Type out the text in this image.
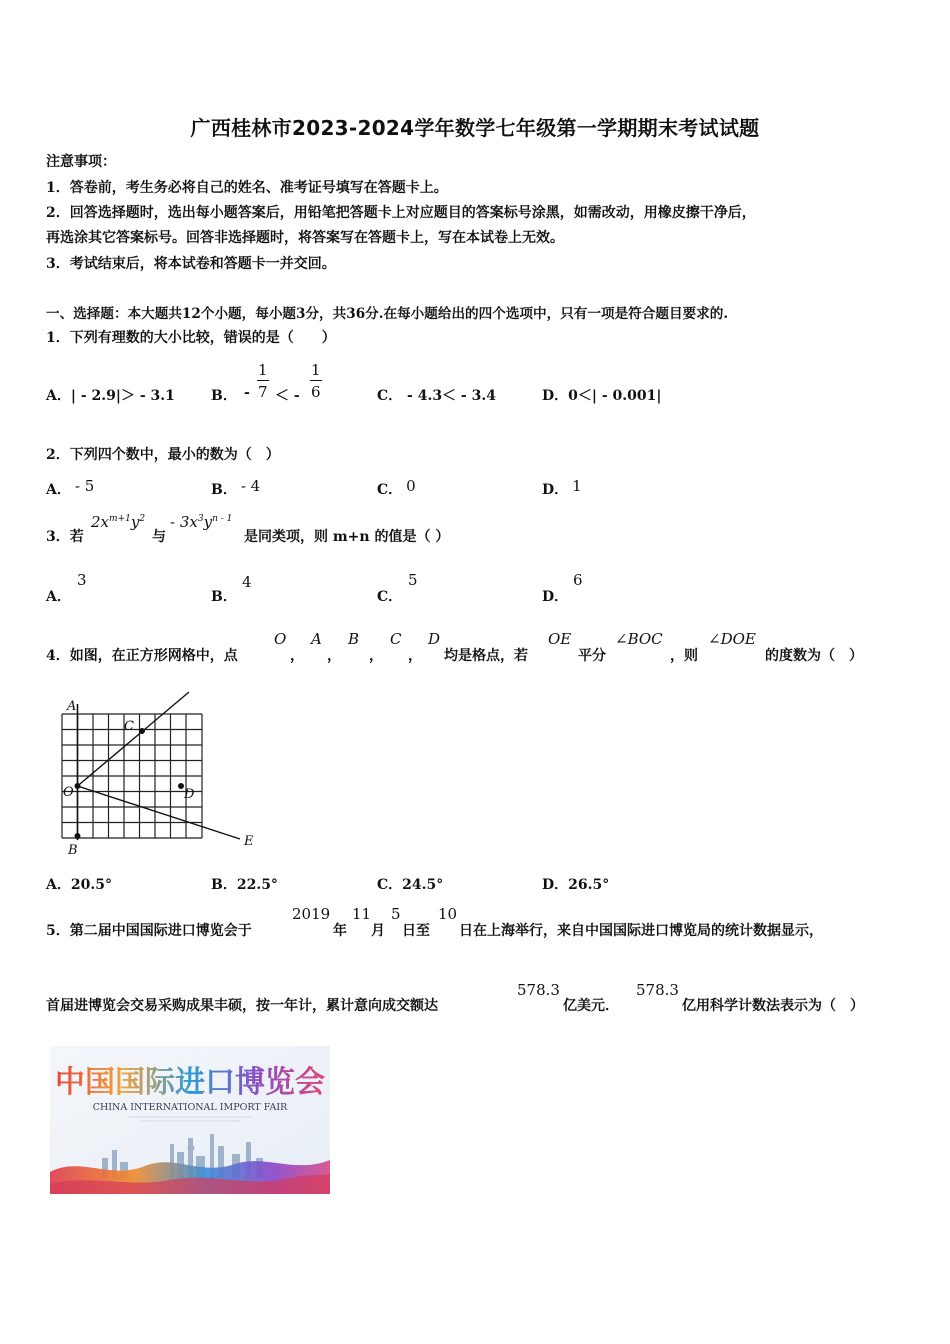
广西桂林市2023-2024学年数学七年级第一学期期末考试试题
注意事项：
1．答卷前，考生务必将自己的姓名、准考证号填写在答题卡上。
2．回答选择题时，选出每小题答案后，用铅笔把答题卡上对应题目的答案标号涂黑，如需改动，用橡皮擦干净后，
再选涂其它答案标号。回答非选择题时，将答案写在答题卡上，写在本试卷上无效。
3．考试结束后，将本试卷和答题卡一并交回。
一、选择题：本大题共12个小题，每小题3分，共36分.在每小题给出的四个选项中，只有一项是符合题目要求的.
1．下列有理数的大小比较，错误的是（　　）
A．| - 2.9|＞ - 3.1	B． - $\frac{1}{7}$ ＜ - $\frac{1}{6}$	C． - 4.3＜ - 3.4	D．0＜| - 0.001|
2．下列四个数中，最小的数为（　）
A． - 5	B． - 4	C． 0	D． 1
3．若
$2x^{m+1}y^2$
与
- $3x^3y^{n - 1}$
是同类项，则 m+n 的值是（ ）
A．
3
B．
4
C．
5
D．
6
4．如图，在正方形网格中，点
O
，
A
，
B
，
C
，
D
均是格点，若
OE
平分
∠BOC
，则
∠DOE
的度数为（　）
A
C
O	D
B
E
A．20.5°	B．22.5°	C．24.5°	D．26.5°
5．第二届中国国际进口博览会于
2019
年
11
月
5
日至
10
日在上海举行，来自中国国际进口博览局的统计数据显示，
首届进博览会交易采购成果丰硕，按一年计，累计意向成交额达
578.3
亿美元．
578.3
亿用科学计数法表示为（　）
中国国际进口博览会
CHINA INTERNATIONAL IMPORT FAIR
